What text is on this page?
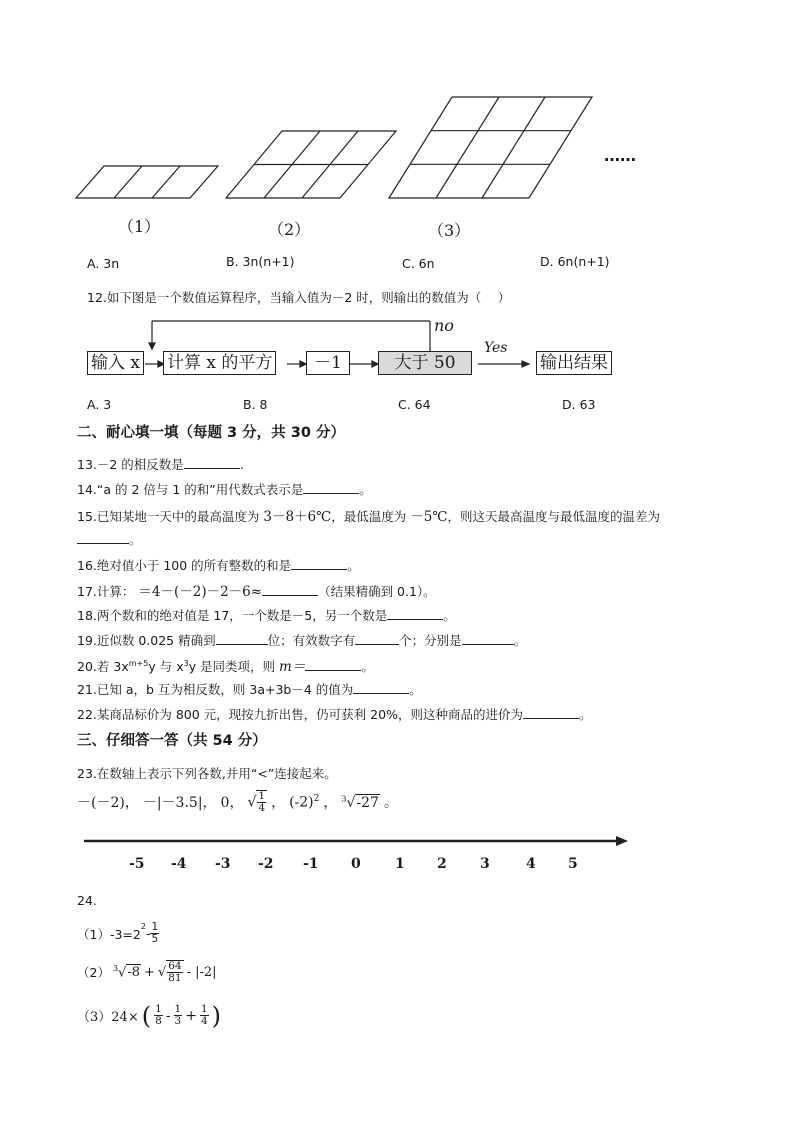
……
（1）	（2）	（3）
A. 3n	B. 3n(n+1)	C. 6n	D. 6n(n+1)
12.如下图是一个数值运算程序，当输入值为－2 时，则输出的数值为（　 ）
输入 x 计算 x 的平方	－1	大于 50	输出结果
no
Yes
A. 3	B. 8	C. 64	D. 63
二、耐心填一填（每题 3 分，共 30 分）
13.－2 的相反数是	.
14.“a 的 2 倍与 1 的和”用代数式表示是	。
15.已知某地一天中的最高温度为 3－8＋6℃，最低温度为 －5℃，则这天最高温度与最低温度的温差为
。
16.绝对值小于 100 的所有整数的和是	。
17.计算： ＝4－(－2)－2－6≈	（结果精确到 0.1）。
18.两个数和的绝对值是 17，一个数是－5，另一个数是	。
19.近似数 0.025 精确到	位；有效数字有	个；分别是	。
20.若 $3x^{m+5}y$ 与 $x^3y$ 是同类项，则 m＝	。
21.已知 a，b 互为相反数，则 3a+3b－4 的值为	。
22.某商品标价为 800 元，现按九折出售，仍可获利 20%，则这种商品的进价为	。
三、仔细答一答（共 54 分）
23.在数轴上表示下列各数,并用“<”连接起来。
－(－2)， －|－3.5|， 0， √ $\frac{1}{4}$ ， $(-2)^2$ ， $^3$√-27 。
-5 -4 -3 -2 -1 0 1 2 3	4 5
24.
$(1)-3=2^2 - \frac{1}{5}$
（2） $^3$√-8 + √ $\frac{64}{81} - |-2|$
（3）24× ( $\frac{1}{8} - \frac{1}{3} + \frac{1}{4}$ )
